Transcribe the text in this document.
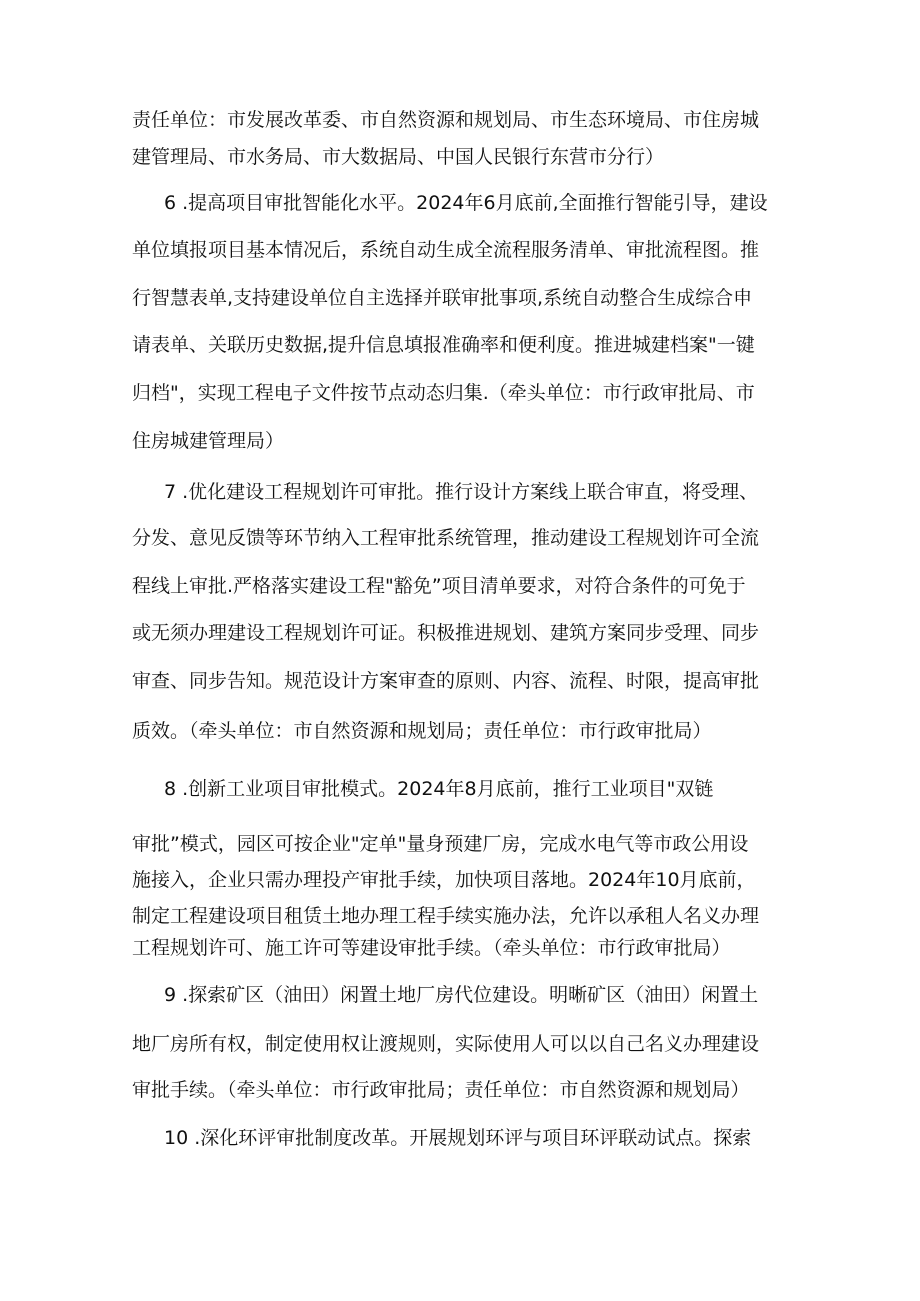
责任单位：市发展改革委、市自然资源和规划局、市生态环境局、市住房城
建管理局、市水务局、市大数据局、中国人民银行东营市分行）
6 .提高项目审批智能化水平。2024年6月底前,全面推行智能引导，建设
单位填报项目基本情况后，系统自动生成全流程服务清单、审批流程图。推
行智慧表单,支持建设单位自主选择并联审批事项,系统自动整合生成综合申
请表单、关联历史数据,提升信息填报准确率和便利度。推进城建档案"一键
归档"，实现工程电子文件按节点动态归集.（牵头单位：市行政审批局、市
住房城建管理局）
7 .优化建设工程规划许可审批。推行设计方案线上联合审直，将受理、
分发、意见反馈等环节纳入工程审批系统管理，推动建设工程规划许可全流
程线上审批.严格落实建设工程"豁免”项目清单要求，对符合条件的可免于
或无须办理建设工程规划许可证。积极推进规划、建筑方案同步受理、同步
审查、同步告知。规范设计方案审查的原则、内容、流程、时限，提高审批
质效。（牵头单位：市自然资源和规划局；责任单位：市行政审批局）
8 .创新工业项目审批模式。2024年8月底前，推行工业项目"双链
审批”模式，园区可按企业"定单"量身预建厂房，完成水电气等市政公用设
施接入，企业只需办理投产审批手续，加快项目落地。2024年10月底前，
制定工程建设项目租赁土地办理工程手续实施办法，允许以承租人名义办理
工程规划许可、施工许可等建设审批手续。（牵头单位：市行政审批局）
9 .探索矿区（油田）闲置土地厂房代位建设。明晰矿区（油田）闲置土
地厂房所有权，制定使用权让渡规则，实际使用人可以以自己名义办理建设
审批手续。（牵头单位：市行政审批局；责任单位：市自然资源和规划局）
10 .深化环评审批制度改革。开展规划环评与项目环评联动试点。探索
